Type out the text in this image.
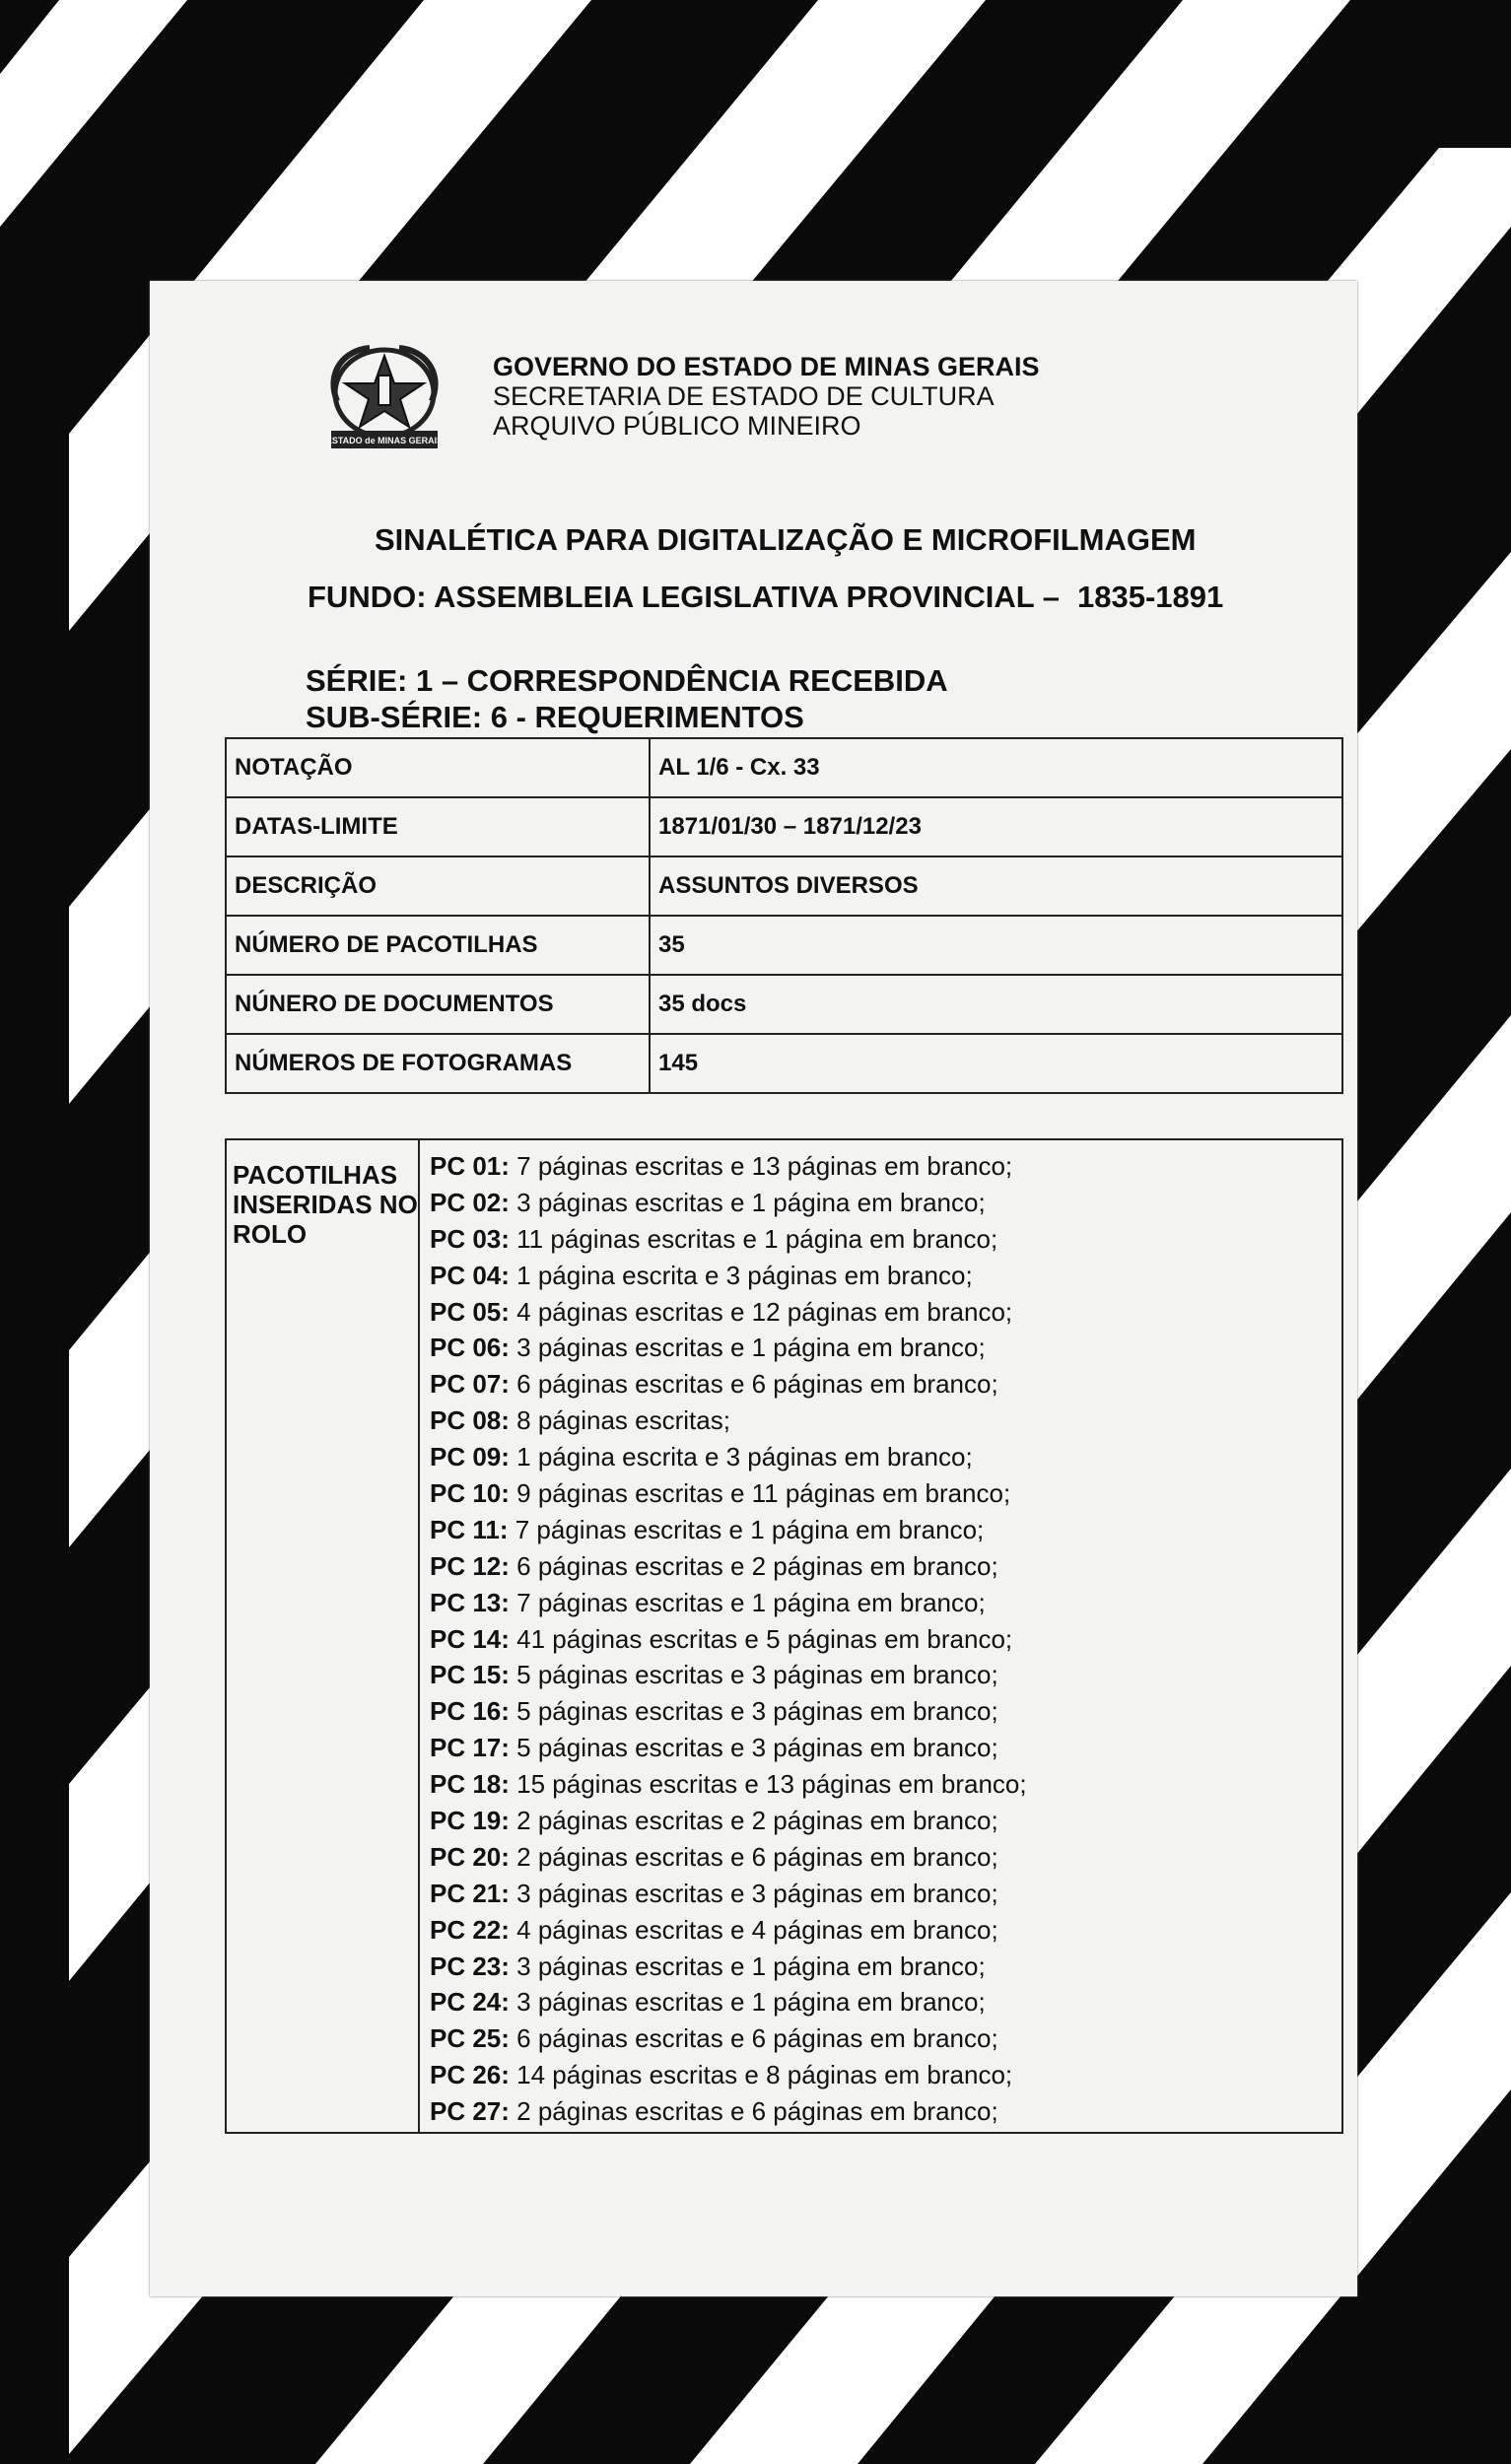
ESTADO de MINAS GERAIS
GOVERNO DO ESTADO DE MINAS GERAIS
SECRETARIA DE ESTADO DE CULTURA
ARQUIVO PÚBLICO MINEIRO
SINALÉTICA PARA DIGITALIZAÇÃO E MICROFILMAGEM
FUNDO: ASSEMBLEIA LEGISLATIVA PROVINCIAL – 1835-1891
SÉRIE: 1 – CORRESPONDÊNCIA RECEBIDA
SUB-SÉRIE: 6 - REQUERIMENTOS
NOTAÇÃO	AL 1/6 - Cx. 33
DATAS-LIMITE	1871/01/30 – 1871/12/23
DESCRIÇÃO	ASSUNTOS DIVERSOS
NÚMERO DE PACOTILHAS	35
NÚNERO DE DOCUMENTOS	35 docs
NÚMEROS DE FOTOGRAMAS	145
PACOTILHAS
INSERIDAS NO
ROLO
PC 01: 7 páginas escritas e 13 páginas em branco;
PC 02: 3 páginas escritas e 1 página em branco;
PC 03: 11 páginas escritas e 1 página em branco;
PC 04: 1 página escrita e 3 páginas em branco;
PC 05: 4 páginas escritas e 12 páginas em branco;
PC 06: 3 páginas escritas e 1 página em branco;
PC 07: 6 páginas escritas e 6 páginas em branco;
PC 08: 8 páginas escritas;
PC 09: 1 página escrita e 3 páginas em branco;
PC 10: 9 páginas escritas e 11 páginas em branco;
PC 11: 7 páginas escritas e 1 página em branco;
PC 12: 6 páginas escritas e 2 páginas em branco;
PC 13: 7 páginas escritas e 1 página em branco;
PC 14: 41 páginas escritas e 5 páginas em branco;
PC 15: 5 páginas escritas e 3 páginas em branco;
PC 16: 5 páginas escritas e 3 páginas em branco;
PC 17: 5 páginas escritas e 3 páginas em branco;
PC 18: 15 páginas escritas e 13 páginas em branco;
PC 19: 2 páginas escritas e 2 páginas em branco;
PC 20: 2 páginas escritas e 6 páginas em branco;
PC 21: 3 páginas escritas e 3 páginas em branco;
PC 22: 4 páginas escritas e 4 páginas em branco;
PC 23: 3 páginas escritas e 1 página em branco;
PC 24: 3 páginas escritas e 1 página em branco;
PC 25: 6 páginas escritas e 6 páginas em branco;
PC 26: 14 páginas escritas e 8 páginas em branco;
PC 27: 2 páginas escritas e 6 páginas em branco;
